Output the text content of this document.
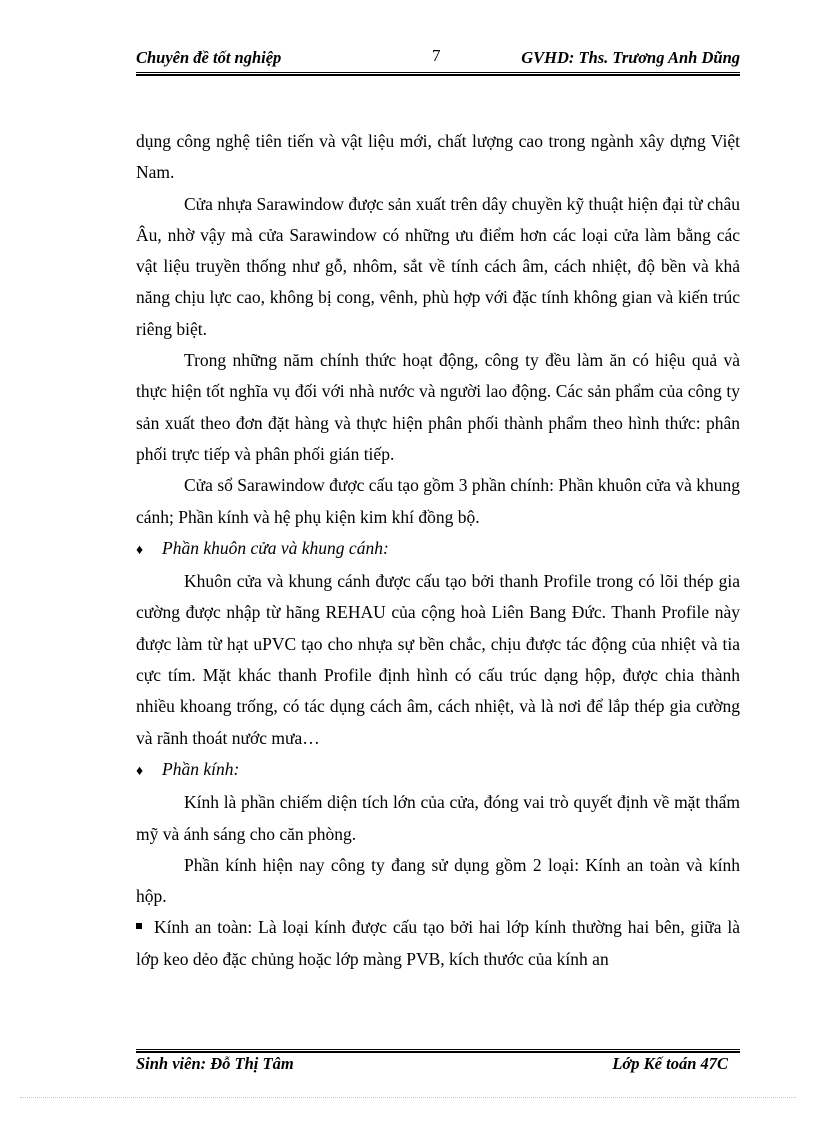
Chuyên đề tốt nghiệp	7	GVHD: Ths. Trương Anh Dũng

dụng công nghệ tiên tiến và vật liệu mới, chất lượng cao trong ngành xây dựng Việt Nam.

Cửa nhựa Sarawindow được sản xuất trên dây chuyền kỹ thuật hiện đại từ châu Âu, nhờ vậy mà cửa Sarawindow có những ưu điểm hơn các loại cửa làm bằng các vật liệu truyền thống như gỗ, nhôm, sắt về tính cách âm, cách nhiệt, độ bền và khả năng chịu lực cao, không bị cong, vênh, phù hợp với đặc tính không gian và kiến trúc riêng biệt.

Trong những năm chính thức hoạt động, công ty đều làm ăn có hiệu quả và thực hiện tốt nghĩa vụ đối với nhà nước và người lao động. Các sản phẩm của công ty sản xuất theo đơn đặt hàng và thực hiện phân phối thành phẩm theo hình thức: phân phối trực tiếp và phân phối gián tiếp.

Cửa sổ Sarawindow được cấu tạo gồm 3 phần chính: Phần khuôn cửa và khung cánh; Phần kính và hệ phụ kiện kim khí đồng bộ.

♦	Phần khuôn cửa và khung cánh:

Khuôn cửa và khung cánh được cấu tạo bởi thanh Profile trong có lõi thép gia cường được nhập từ hãng REHAU của cộng hoà Liên Bang Đức. Thanh Profile này được làm từ hạt uPVC tạo cho nhựa sự bền chắc, chịu được tác động của nhiệt và tia cực tím. Mặt khác thanh Profile định hình có cấu trúc dạng hộp, được chia thành nhiều khoang trống, có tác dụng cách âm, cách nhiệt, và là nơi để lắp thép gia cường và rãnh thoát nước mưa…

♦	Phần kính:

Kính là phần chiếm diện tích lớn của cửa, đóng vai trò quyết định về mặt thẩm mỹ và ánh sáng cho căn phòng.

Phần kính hiện nay công ty đang sử dụng gồm 2 loại: Kính an toàn và kính hộp.

Kính an toàn: Là loại kính được cấu tạo bởi hai lớp kính thường hai bên, giữa là lớp keo dẻo đặc chủng hoặc lớp màng PVB, kích thước của kính an

Sinh viên: Đỗ Thị Tâm	Lớp Kế toán 47C
